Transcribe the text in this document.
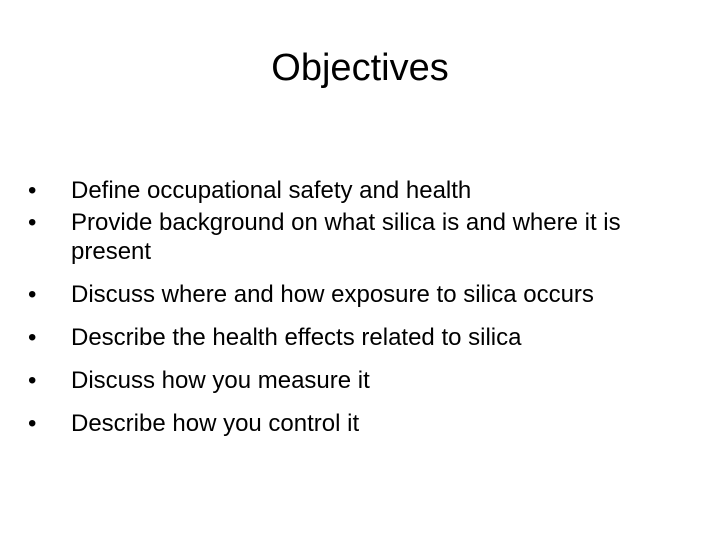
Objectives
•	Define occupational safety and health
•	Provide background on what silica is and where it is present
•	Discuss where and how exposure to silica occurs
•	Describe the health effects related to silica
•	Discuss how you measure it
•	Describe how you control it
